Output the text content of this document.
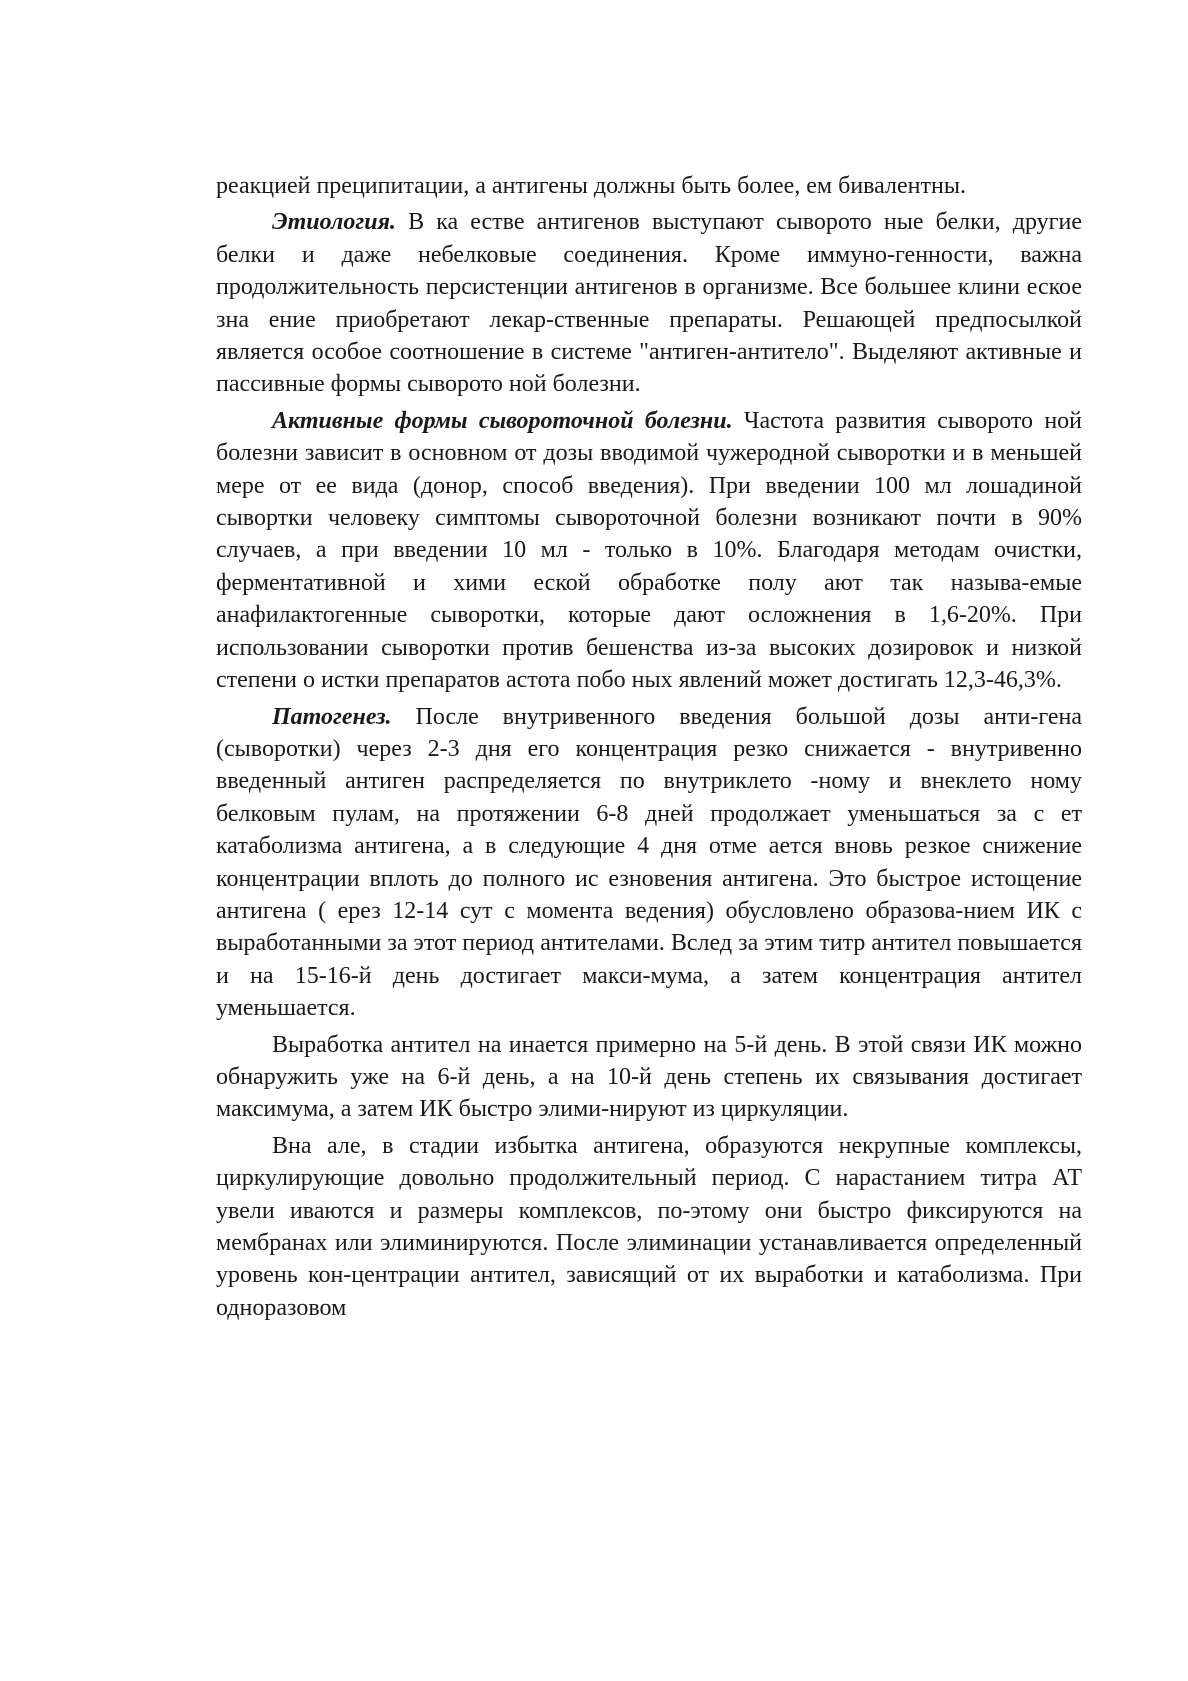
реакцией преципитации, а антигены должны быть более, ем бивалентны.

Этиология. В ка естве антигенов выступают сыворото ные белки, другие белки и даже небелковые соединения. Кроме иммуно-генности, важна продолжительность персистенции антигенов в организме. Все большее клини еское зна ение приобретают лекар-ственные препараты. Решающей предпосылкой является особое соотношение в системе "антиген-антитело". Выделяют активные и пассивные формы сыворото ной болезни.

Активные формы сывороточной болезни. Частота развития сыворото ной болезни зависит в основном от дозы вводимой чужеродной сыворотки и в меньшей мере от ее вида (донор, способ введения). При введении 100 мл лошадиной сывортки человеку симптомы сывороточной болезни возникают почти в 90% случаев, а при введении 10 мл - только в 10%. Благодаря методам очистки, ферментативной и хими еской обработке полу ают так называ-емые анафилактогенные сыворотки, которые дают осложнения в 1,6-20%. При использовании сыворотки против бешенства из-за высоких дозировок и низкой степени о истки препаратов астота побо ных явлений может достигать 12,3-46,3%.

Патогенез. После внутривенного введения большой дозы анти-гена (сыворотки) через 2-3 дня его концентрация резко снижается - внутривенно введенный антиген распределяется по внутриклето -ному и внеклето ному белковым пулам, на протяжении 6-8 дней продолжает уменьшаться за с ет катаболизма антигена, а в следующие 4 дня отме ается вновь резкое снижение концентрации вплоть до полного ис езновения антигена. Это быстрое истощение антигена ( ерез 12-14 сут с момента ведения) обусловлено образова-нием ИК с выработанными за этот период антителами. Вслед за этим титр антител повышается и на 15-16-й день достигает макси-мума, а затем концентрация антител уменьшается.

Выработка антител на инается примерно на 5-й день. В этой связи ИК можно обнаружить уже на 6-й день, а на 10-й день степень их связывания достигает максимума, а затем ИК быстро элими-нируют из циркуляции.

Вна але, в стадии избытка антигена, образуются некрупные комплексы, циркулирующие довольно продолжительный период. С нарастанием титра АТ увели иваются и размеры комплексов, по-этому они быстро фиксируются на мембранах или элиминируются. После элиминации устанавливается определенный уровень кон-центрации антител, зависящий от их выработки и катаболизма. При одноразовом
